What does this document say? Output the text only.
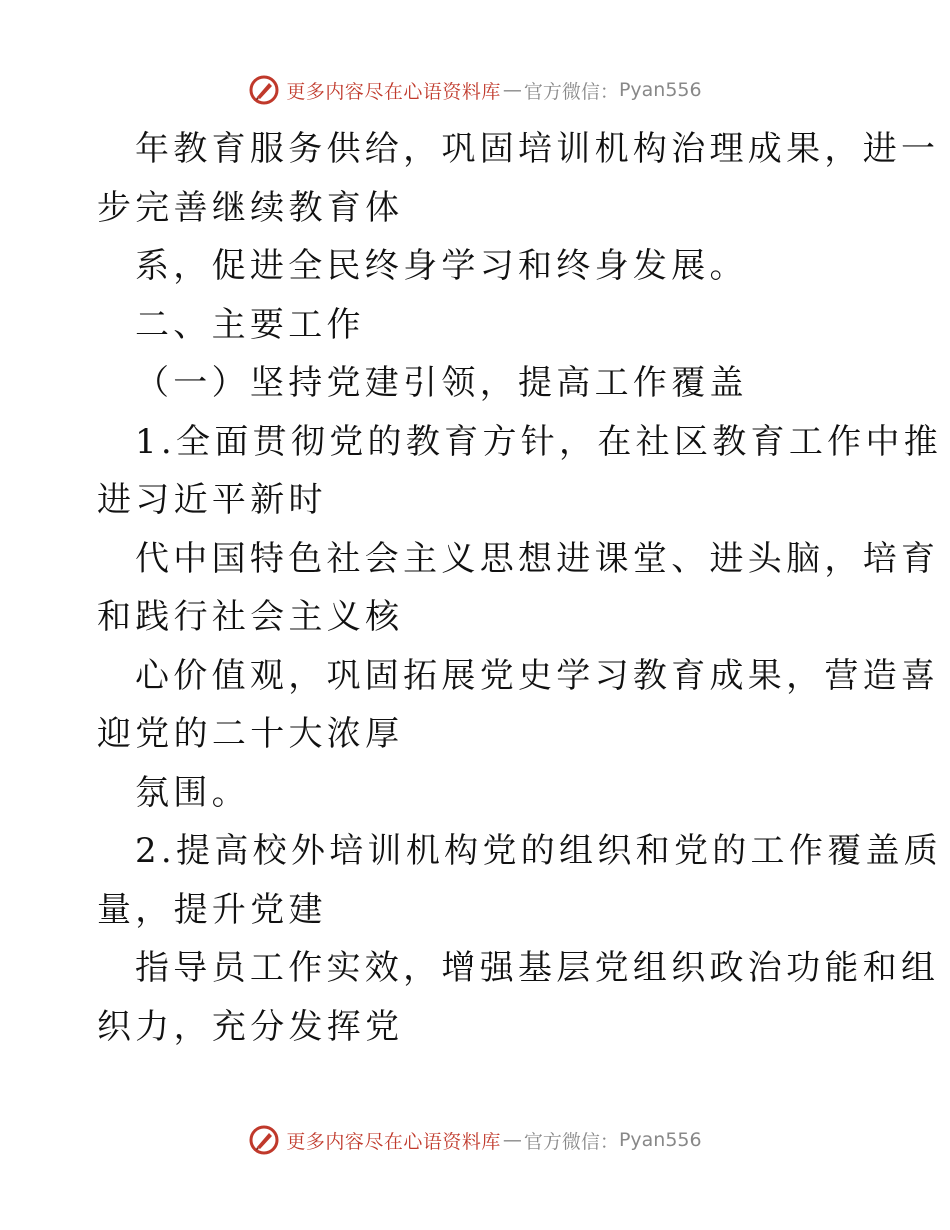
更多内容尽在心语资料库 — 官方微信： Pyan556
年教育服务供给，巩固培训机构治理成果，进一
步完善继续教育体
系，促进全民终身学习和终身发展。
二、主要工作
（一）坚持党建引领，提高工作覆盖
1.全面贯彻党的教育方针，在社区教育工作中推
进习近平新时
代中国特色社会主义思想进课堂、进头脑，培育
和践行社会主义核
心价值观，巩固拓展党史学习教育成果，营造喜
迎党的二十大浓厚
氛围。
2.提高校外培训机构党的组织和党的工作覆盖质
量，提升党建
指导员工作实效，增强基层党组织政治功能和组
织力，充分发挥党
更多内容尽在心语资料库 — 官方微信： Pyan556
